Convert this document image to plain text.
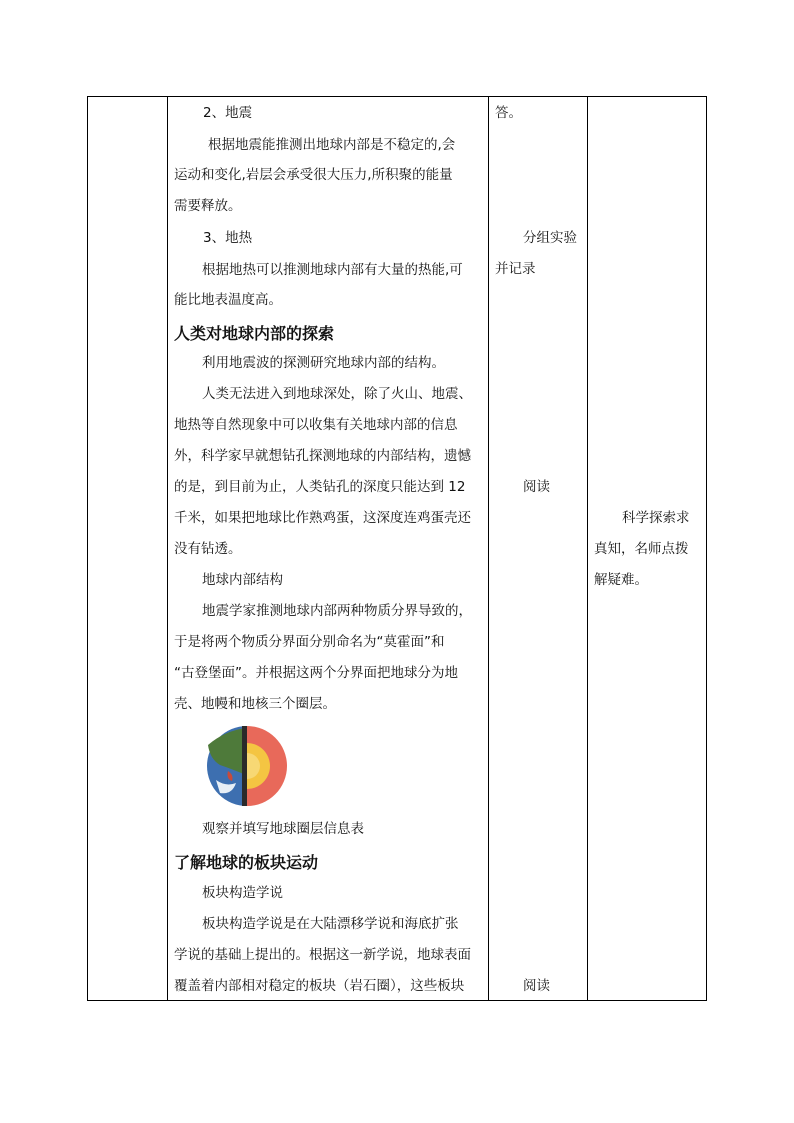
2、地震
根据地震能推测出地球内部是不稳定的,会
运动和变化,岩层会承受很大压力,所积聚的能量
需要释放。
3、地热
根据地热可以推测地球内部有大量的热能,可
能比地表温度高。
人类对地球内部的探索
利用地震波的探测研究地球内部的结构。
人类无法进入到地球深处，除了火山、地震、
地热等自然现象中可以收集有关地球内部的信息
外，科学家早就想钻孔探测地球的内部结构，遗憾
的是，到目前为止，人类钻孔的深度只能达到 12
千米，如果把地球比作熟鸡蛋，这深度连鸡蛋壳还
没有钻透。
地球内部结构
地震学家推测地球内部两种物质分界导致的，
于是将两个物质分界面分别命名为“莫霍面”和
“古登堡面”。并根据这两个分界面把地球分为地
壳、地幔和地核三个圈层。
观察并填写地球圈层信息表
了解地球的板块运动
板块构造学说
板块构造学说是在大陆漂移学说和海底扩张
学说的基础上提出的。根据这一新学说，地球表面
覆盖着内部相对稳定的板块（岩石圈），这些板块
答。
分组实验
并记录
阅读
阅读
科学探索求
真知，名师点拨
解疑难。
